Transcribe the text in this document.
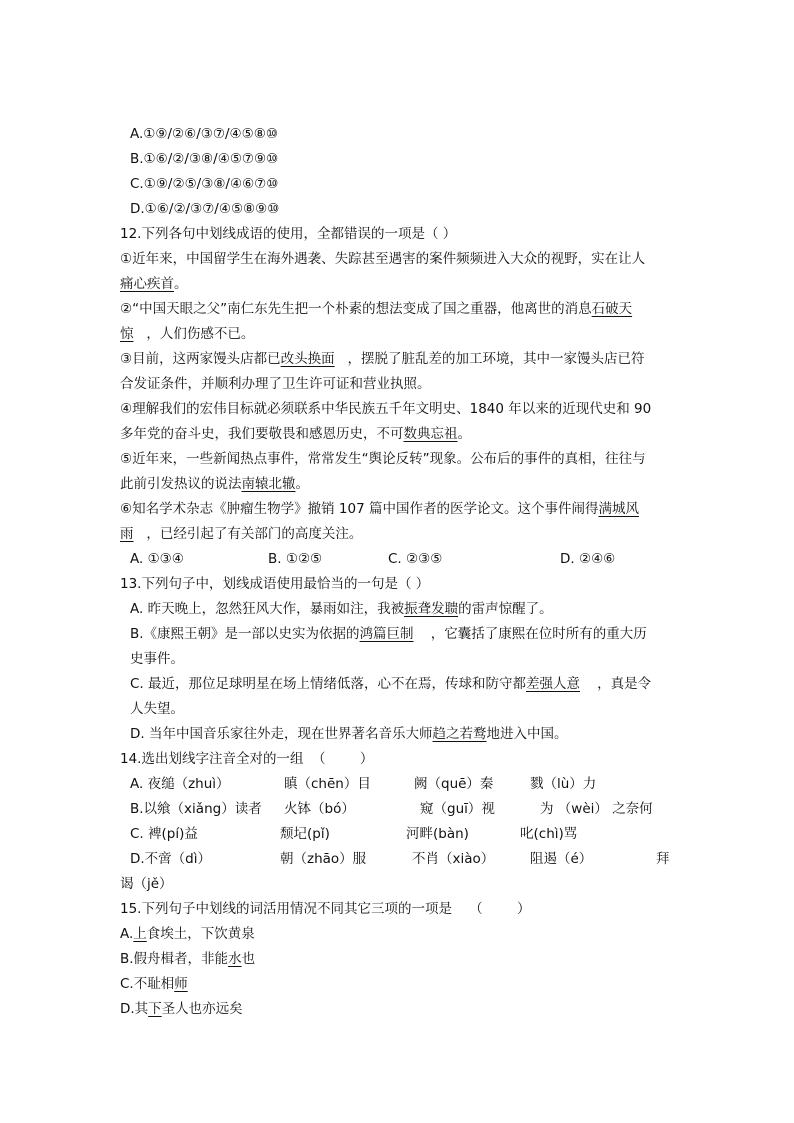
A.①⑨/②⑥/③⑦/④⑤⑧⑩
B.①⑥/②/③⑧/④⑤⑦⑨⑩
C.①⑨/②⑤/③⑧/④⑥⑦⑩
D.①⑥/②/③⑦/④⑤⑧⑨⑩
12.下列各句中划线成语的使用，全都错误的一项是（ ）
①近年来，中国留学生在海外遇袭、失踪甚至遇害的案件频频进入大众的视野，实在让人
痛心疾首。
②“中国天眼之父”南仁东先生把一个朴素的想法变成了国之重器，他离世的消息石破天
惊   ，人们伤感不已。
③目前，这两家馒头店都已改头换面   ，摆脱了脏乱差的加工环境，其中一家馒头店已符
合发证条件，并顺利办理了卫生许可证和营业执照。
④理解我们的宏伟目标就必须联系中华民族五千年文明史、1840 年以来的近现代史和 90
多年党的奋斗史，我们要敬畏和感恩历史，不可数典忘祖。
⑤近年来，一些新闻热点事件，常常发生“舆论反转”现象。公布后的事件的真相，往往与
此前引发热议的说法南辕北辙。
⑥知名学术杂志《肿瘤生物学》撤销 107 篇中国作者的医学论文。这个事件闹得满城风
雨   ，已经引起了有关部门的高度关注。
A. ①③④	B. ①②⑤	C. ②③⑤	D. ②④⑥
13.下列句子中，划线成语使用最恰当的一句是（ ）
A. 昨天晚上，忽然狂风大作，暴雨如注，我被振聋发聩的雷声惊醒了。
B.《康熙王朝》是一部以史实为依据的鸿篇巨制    ，它囊括了康熙在位时所有的重大历
史事件。
C. 最近，那位足球明星在场上情绪低落，心不在焉，传球和防守都差强人意    ，真是令
人失望。
D. 当年中国音乐家往外走，现在世界著名音乐大师趋之若鹜地进入中国。
14.选出划线字注音全对的一组  （        ）
A. 夜缒（zhuì）	瞋（chēn）目	阙（quē）秦	戮（lù）力
B.以飨（xiǎng）读者 火钵（bó）	窥（guī）视	为 （wèi） 之奈何
C. 裨(pí)益	颓圮(pǐ)	河畔(bàn)	叱(chì)骂
D.不啻（dì）	朝（zhāo）服	不肖（xiào）	阻遏（é）	拜
谒（jě）
15.下列句子中划线的词活用情况不同其它三项的一项是    （        ）
A.上食埃土，下饮黄泉
B.假舟楫者，非能水也
C.不耻相师
D.其下圣人也亦远矣
